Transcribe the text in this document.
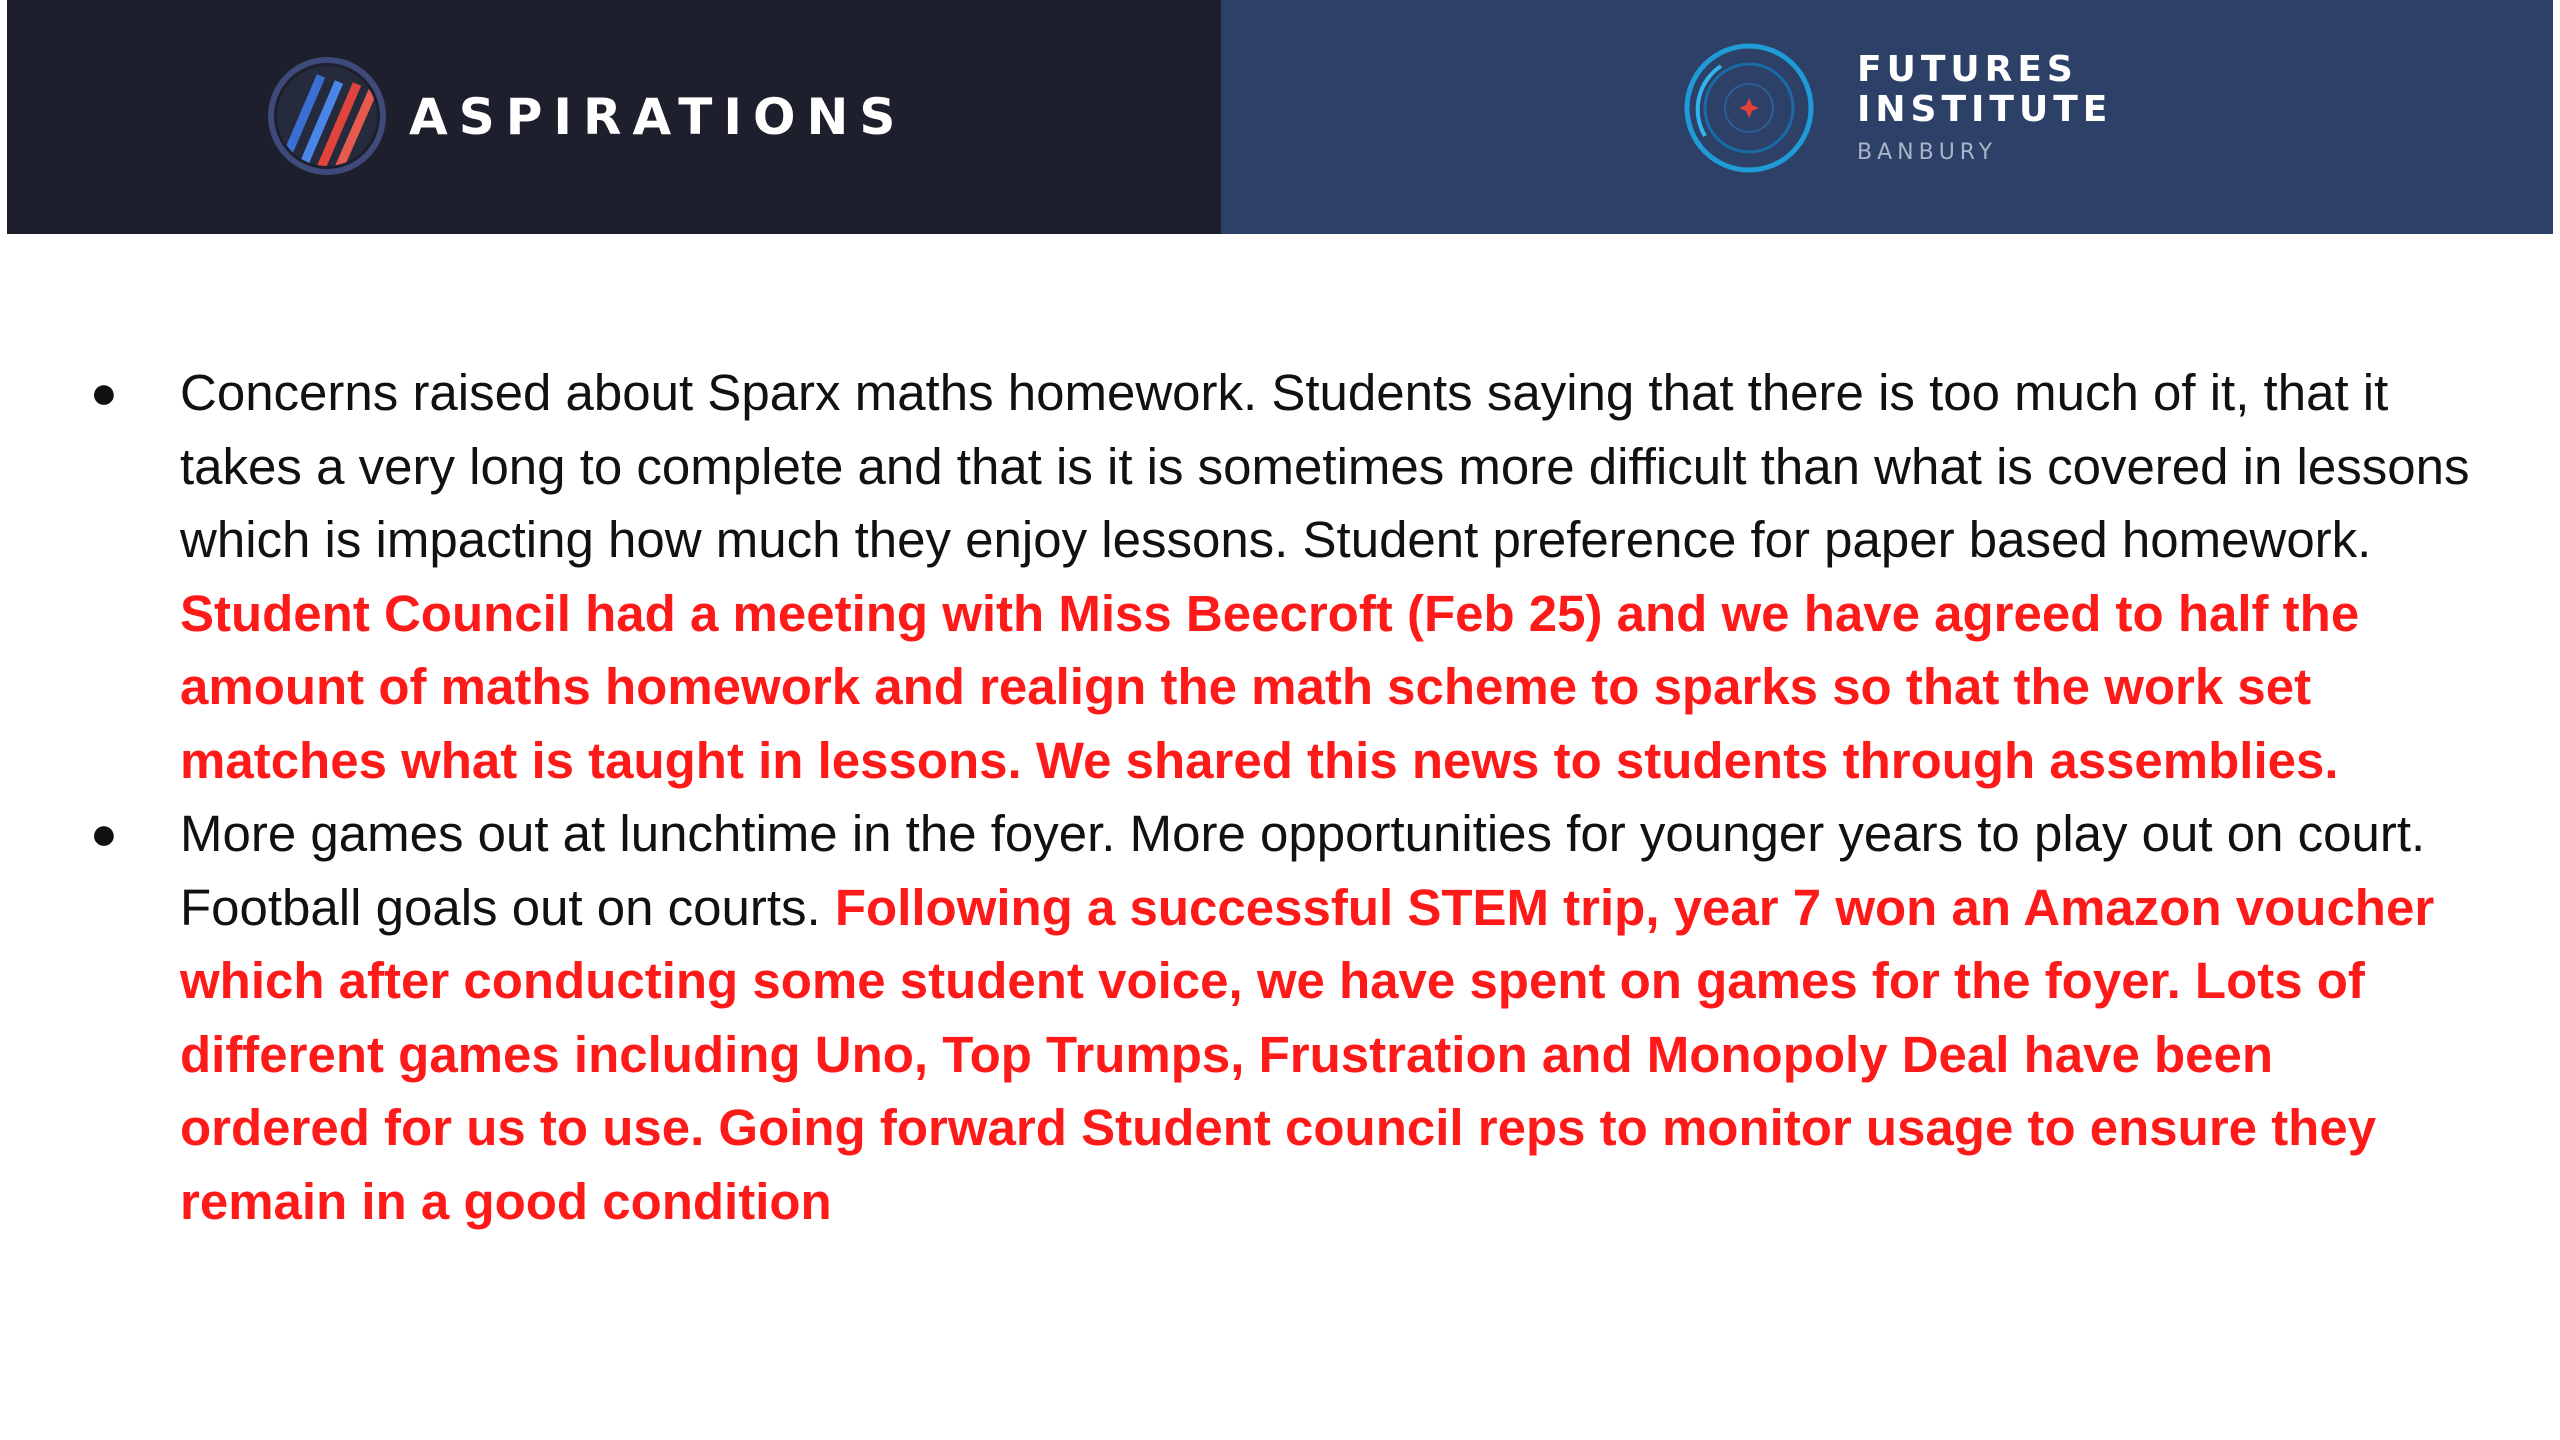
ASPIRATIONS
FUTURES
INSTITUTE
BANBURY
● Concerns raised about Sparx maths homework. Students saying that there is too much of it, that it takes a very long to complete and that is it is sometimes more difficult than what is covered in lessons which is impacting how much they enjoy lessons. Student preference for paper based homework. Student Council had a meeting with Miss Beecroft (Feb 25) and we have agreed to half the amount of maths homework and realign the math scheme to sparks so that the work set matches what is taught in lessons. We shared this news to students through assemblies.
● More games out at lunchtime in the foyer. More opportunities for younger years to play out on court. Football goals out on courts. Following a successful STEM trip, year 7 won an Amazon voucher which after conducting some student voice, we have spent on games for the foyer. Lots of different games including Uno, Top Trumps, Frustration and Monopoly Deal have been ordered for us to use. Going forward Student council reps to monitor usage to ensure they remain in a good condition
